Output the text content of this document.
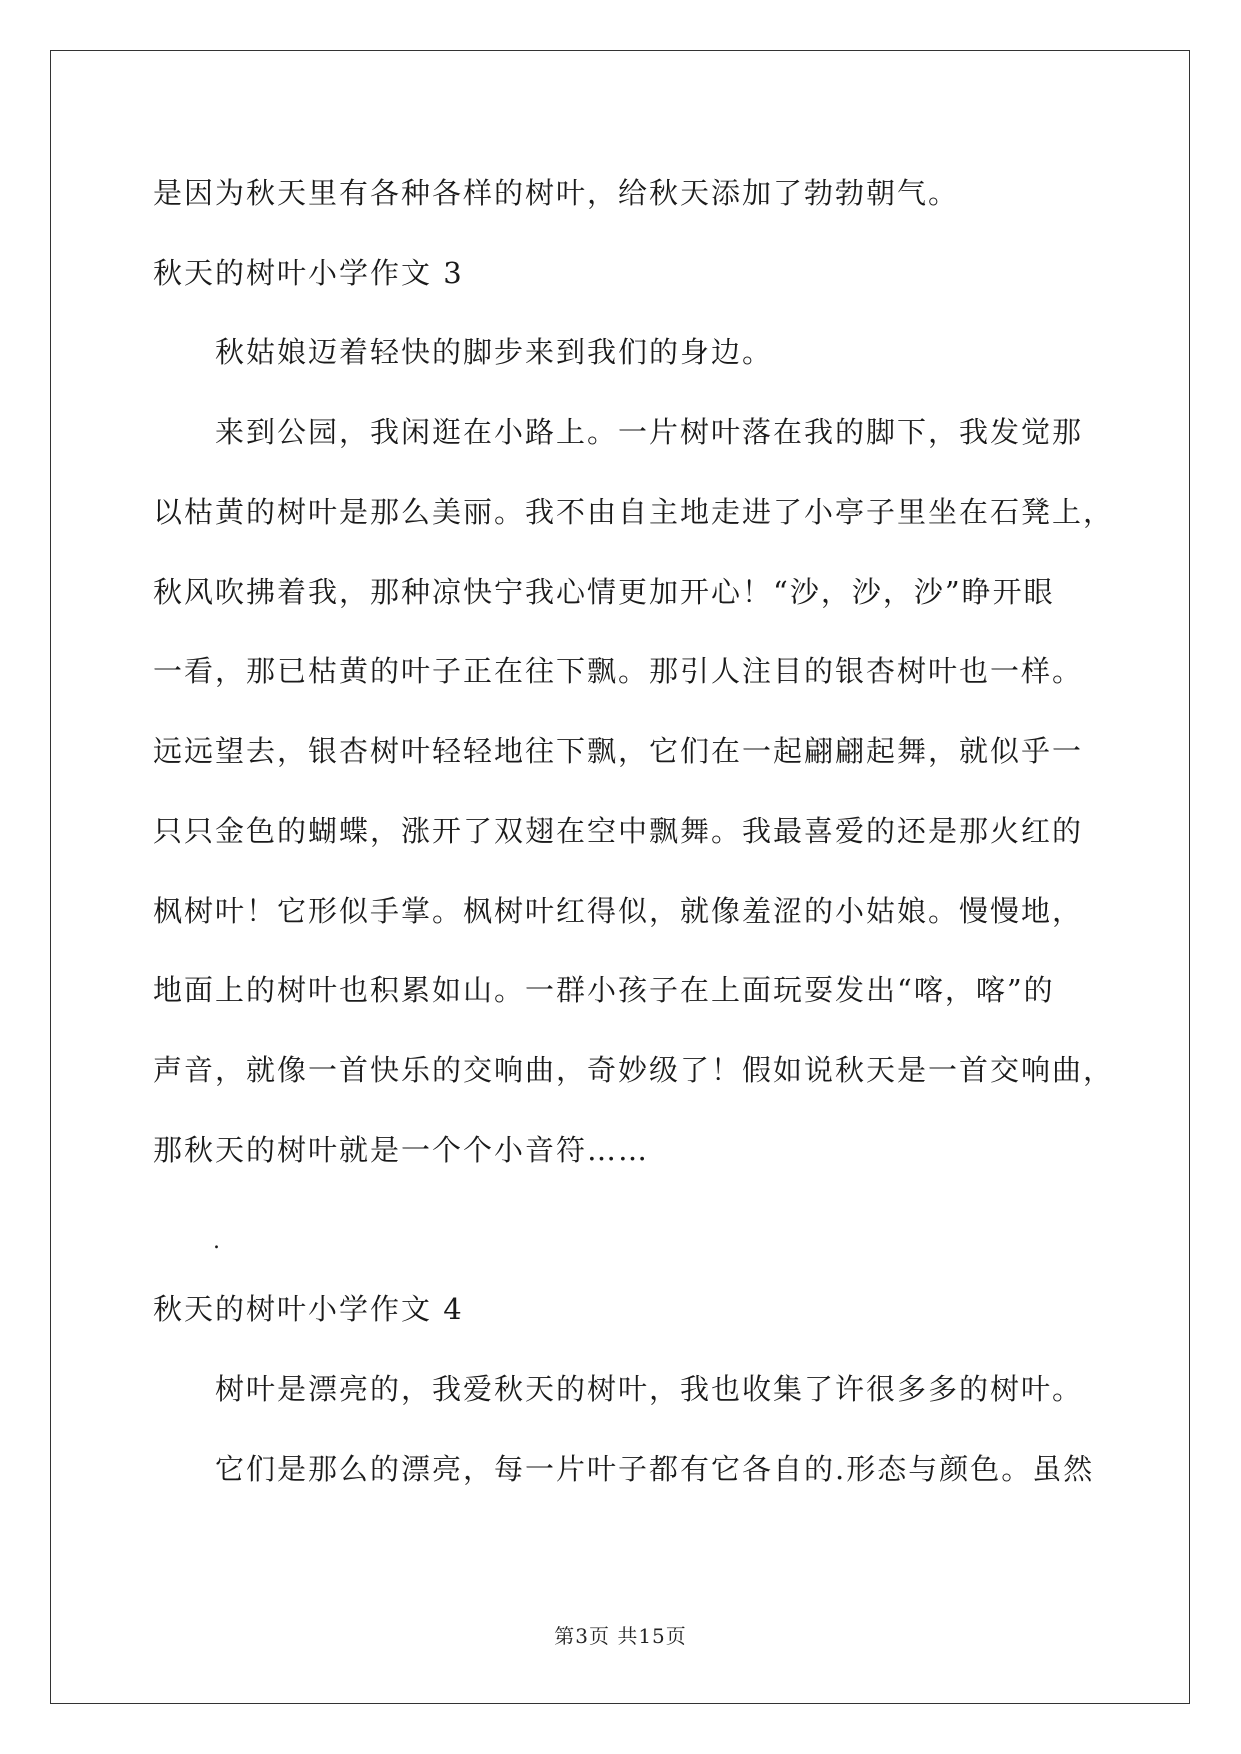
是因为秋天里有各种各样的树叶，给秋天添加了勃勃朝气。
秋天的树叶小学作文 3
秋姑娘迈着轻快的脚步来到我们的身边。
来到公园，我闲逛在小路上。一片树叶落在我的脚下，我发觉那
以枯黄的树叶是那么美丽。我不由自主地走进了小亭子里坐在石凳上，
秋风吹拂着我，那种凉快宁我心情更加开心！“沙，沙，沙”睁开眼
一看，那已枯黄的叶子正在往下飘。那引人注目的银杏树叶也一样。
远远望去，银杏树叶轻轻地往下飘，它们在一起翩翩起舞，就似乎一
只只金色的蝴蝶，涨开了双翅在空中飘舞。我最喜爱的还是那火红的
枫树叶！它形似手掌。枫树叶红得似，就像羞涩的小姑娘。慢慢地，
地面上的树叶也积累如山。一群小孩子在上面玩耍发出“喀，喀”的
声音，就像一首快乐的交响曲，奇妙级了！假如说秋天是一首交响曲，
那秋天的树叶就是一个个小音符……
.
秋天的树叶小学作文 4
树叶是漂亮的，我爱秋天的树叶，我也收集了许很多多的树叶。
它们是那么的漂亮，每一片叶子都有它各自的.形态与颜色。虽然
第3页 共15页
